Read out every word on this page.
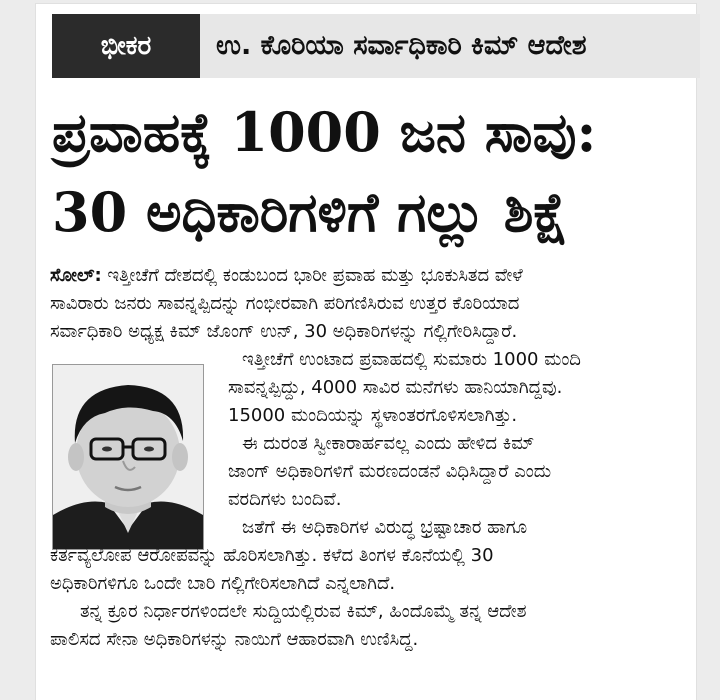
ಭೀಕರ	ಉ. ಕೊರಿಯಾ ಸರ್ವಾಧಿಕಾರಿ ಕಿಮ್ ಆದೇಶ
ಪ್ರವಾಹಕ್ಕೆ 1000 ಜನ ಸಾವು:
30 ಅಧಿಕಾರಿಗಳಿಗೆ ಗಲ್ಲು ಶಿಕ್ಷೆ
ಸೋಲ್: ಇತ್ತೀಚೆಗೆ ದೇಶದಲ್ಲಿ ಕಂಡುಬಂದ ಭಾರೀ ಪ್ರವಾಹ ಮತ್ತು ಭೂಕುಸಿತದ ವೇಳೆ
ಸಾವಿರಾರು ಜನರು ಸಾವನ್ನಪ್ಪಿದನ್ನು ಗಂಭೀರವಾಗಿ ಪರಿಗಣಿಸಿರುವ ಉತ್ತರ ಕೊರಿಯಾದ
ಸರ್ವಾಧಿಕಾರಿ ಅಧ್ಯಕ್ಷ ಕಿಮ್ ಜೊಂಗ್ ಉನ್, 30 ಅಧಿಕಾರಿಗಳನ್ನು ಗಲ್ಲಿಗೇರಿಸಿದ್ದಾರೆ.
ಇತ್ತೀಚೆಗೆ ಉಂಟಾದ ಪ್ರವಾಹದಲ್ಲಿ ಸುಮಾರು 1000 ಮಂದಿ
ಸಾವನ್ನಪ್ಪಿದ್ದು, 4000 ಸಾವಿರ ಮನೆಗಳು ಹಾನಿಯಾಗಿದ್ದವು.
15000 ಮಂದಿಯನ್ನು ಸ್ಥಳಾಂತರಗೊಳಿಸಲಾಗಿತ್ತು.
ಈ ದುರಂತ ಸ್ವೀಕಾರಾರ್ಹವಲ್ಲ ಎಂದು ಹೇಳಿದ ಕಿಮ್
ಜಾಂಗ್ ಅಧಿಕಾರಿಗಳಿಗೆ ಮರಣದಂಡನೆ ವಿಧಿಸಿದ್ದಾರೆ ಎಂದು
ವರದಿಗಳು ಬಂದಿವೆ.
ಜತೆಗೆ ಈ ಅಧಿಕಾರಿಗಳ ವಿರುದ್ಧ ಭ್ರಷ್ಟಾಚಾರ ಹಾಗೂ
ಕರ್ತವ್ಯಲೋಪ ಆರೋಪವನ್ನು ಹೊರಿಸಲಾಗಿತ್ತು. ಕಳೆದ ತಿಂಗಳ ಕೊನೆಯಲ್ಲಿ 30
ಅಧಿಕಾರಿಗಳಿಗೂ ಒಂದೇ ಬಾರಿ ಗಲ್ಲಿಗೇರಿಸಲಾಗಿದೆ ಎನ್ನಲಾಗಿದೆ.
ತನ್ನ ಕ್ರೂರ ನಿರ್ಧಾರಗಳಿಂದಲೇ ಸುದ್ದಿಯಲ್ಲಿರುವ ಕಿಮ್, ಹಿಂದೊಮ್ಮೆ ತನ್ನ ಆದೇಶ
ಪಾಲಿಸದ ಸೇನಾ ಅಧಿಕಾರಿಗಳನ್ನು ನಾಯಿಗೆ ಆಹಾರವಾಗಿ ಉಣಿಸಿದ್ದ.
